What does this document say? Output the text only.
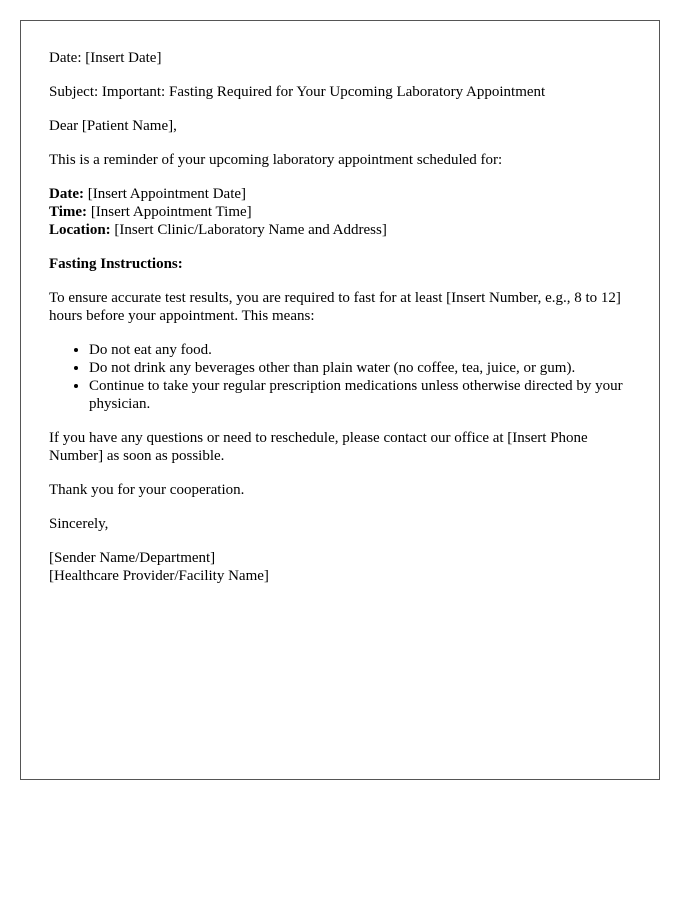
Date: [Insert Date]

Subject: Important: Fasting Required for Your Upcoming Laboratory Appointment

Dear [Patient Name],

This is a reminder of your upcoming laboratory appointment scheduled for:

Date: [Insert Appointment Date]

Time: [Insert Appointment Time]

Location: [Insert Clinic/Laboratory Name and Address]

Fasting Instructions:

To ensure accurate test results, you are required to fast for at least [Insert Number, e.g., 8 to 12] hours before your appointment. This means:

• Do not eat any food.
• Do not drink any beverages other than plain water (no coffee, tea, juice, or gum).
• Continue to take your regular prescription medications unless otherwise directed by your physician.

If you have any questions or need to reschedule, please contact our office at [Insert Phone Number] as soon as possible.

Thank you for your cooperation.

Sincerely,

[Sender Name/Department]

[Healthcare Provider/Facility Name]
